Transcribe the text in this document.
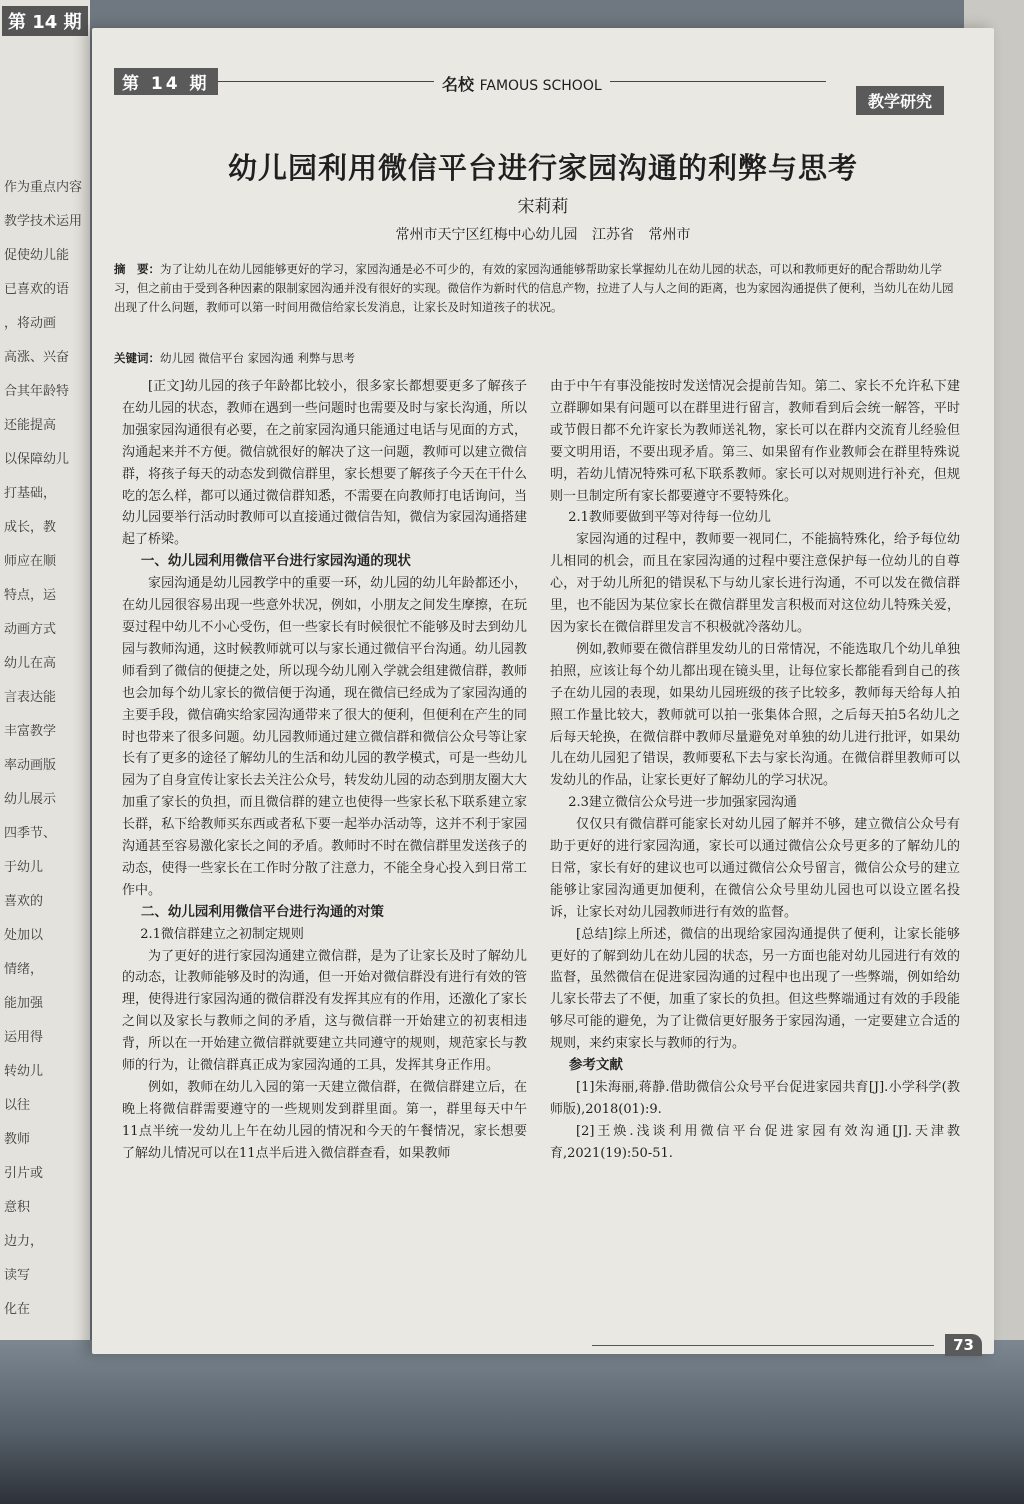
第 14 期
作为重点内容
教学技术运用
促使幼儿能
已喜欢的语
，将动画
高涨、兴奋
合其年龄特
还能提高
以保障幼儿
打基础，
成长，教
师应在顺
特点，运
动画方式
幼儿在高
言表达能
丰富教学
率动画版
幼儿展示
四季节、
于幼儿
喜欢的
处加以
情绪，
能加强
运用得
转幼儿
以往
教师
引片或
意积
边力，
读写
化在
第 14 期	名校 FAMOUS SCHOOL
教学研究
幼儿园利用微信平台进行家园沟通的利弊与思考
宋莉莉
常州市天宁区红梅中心幼儿园 江苏省 常州市
摘　要：为了让幼儿在幼儿园能够更好的学习，家园沟通是必不可少的，有效的家园沟通能够帮助家长掌握幼儿在幼儿园的状态，可以和教师更好的配合帮助幼儿学习，但之前由于受到各种因素的限制家园沟通并没有很好的实现。微信作为新时代的信息产物，拉进了人与人之间的距离，也为家园沟通提供了便利，当幼儿在幼儿园出现了什么问题，教师可以第一时间用微信给家长发消息，让家长及时知道孩子的状况。
关键词：幼儿园 微信平台 家园沟通 利弊与思考

[正文]幼儿园的孩子年龄都比较小，很多家长都想要更多了解孩子在幼儿园的状态，教师在遇到一些问题时也需要及时与家长沟通，所以加强家园沟通很有必要，在之前家园沟通只能通过电话与见面的方式，沟通起来并不方便。微信就很好的解决了这一问题，教师可以建立微信群，将孩子每天的动态发到微信群里，家长想要了解孩子今天在干什么吃的怎么样，都可以通过微信群知悉，不需要在向教师打电话询问，当幼儿园要举行活动时教师可以直接通过微信告知，微信为家园沟通搭建起了桥梁。

一、幼儿园利用微信平台进行家园沟通的现状

家园沟通是幼儿园教学中的重要一环，幼儿园的幼儿年龄都还小，在幼儿园很容易出现一些意外状况，例如，小朋友之间发生摩擦，在玩耍过程中幼儿不小心受伤，但一些家长有时候很忙不能够及时去到幼儿园与教师沟通，这时候教师就可以与家长通过微信平台沟通。幼儿园教师看到了微信的便捷之处，所以现今幼儿刚入学就会组建微信群，教师也会加每个幼儿家长的微信便于沟通，现在微信已经成为了家园沟通的主要手段，微信确实给家园沟通带来了很大的便利，但便利在产生的同时也带来了很多问题。幼儿园教师通过建立微信群和微信公众号等让家长有了更多的途径了解幼儿的生活和幼儿园的教学模式，可是一些幼儿园为了自身宣传让家长去关注公众号，转发幼儿园的动态到朋友圈大大加重了家长的负担，而且微信群的建立也使得一些家长私下联系建立家长群，私下给教师买东西或者私下要一起举办活动等，这并不利于家园沟通甚至容易激化家长之间的矛盾。教师时不时在微信群里发送孩子的动态，使得一些家长在工作时分散了注意力，不能全身心投入到日常工作中。

二、幼儿园利用微信平台进行沟通的对策
2.1微信群建立之初制定规则

为了更好的进行家园沟通建立微信群，是为了让家长及时了解幼儿的动态，让教师能够及时的沟通，但一开始对微信群没有进行有效的管理，使得进行家园沟通的微信群没有发挥其应有的作用，还激化了家长之间以及家长与教师之间的矛盾，这与微信群一开始建立的初衷相违背，所以在一开始建立微信群就要建立共同遵守的规则，规范家长与教师的行为，让微信群真正成为家园沟通的工具，发挥其身正作用。

例如，教师在幼儿入园的第一天建立微信群，在微信群建立后，在晚上将微信群需要遵守的一些规则发到群里面。第一，群里每天中午11点半统一发幼儿上午在幼儿园的情况和今天的午餐情况，家长想要了解幼儿情况可以在11点半后进入微信群查看，如果教师

由于中午有事没能按时发送情况会提前告知。第二、家长不允许私下建立群聊如果有问题可以在群里进行留言，教师看到后会统一解答，平时或节假日都不允许家长为教师送礼物，家长可以在群内交流育儿经验但要文明用语，不要出现矛盾。第三、如果留有作业教师会在群里特殊说明，若幼儿情况特殊可私下联系教师。家长可以对规则进行补充，但规则一旦制定所有家长都要遵守不要特殊化。

2.1教师要做到平等对待每一位幼儿

家园沟通的过程中，教师要一视同仁，不能搞特殊化，给予每位幼儿相同的机会，而且在家园沟通的过程中要注意保护每一位幼儿的自尊心，对于幼儿所犯的错误私下与幼儿家长进行沟通，不可以发在微信群里，也不能因为某位家长在微信群里发言积极而对这位幼儿特殊关爱，因为家长在微信群里发言不积极就冷落幼儿。

例如,教师要在微信群里发幼儿的日常情况，不能选取几个幼儿单独拍照，应该让每个幼儿都出现在镜头里，让每位家长都能看到自己的孩子在幼儿园的表现，如果幼儿园班级的孩子比较多，教师每天给每人拍照工作量比较大，教师就可以拍一张集体合照，之后每天拍5名幼儿之后每天轮换，在微信群中教师尽量避免对单独的幼儿进行批评，如果幼儿在幼儿园犯了错误，教师要私下去与家长沟通。在微信群里教师可以发幼儿的作品，让家长更好了解幼儿的学习状况。

2.3建立微信公众号进一步加强家园沟通

仅仅只有微信群可能家长对幼儿园了解并不够，建立微信公众号有助于更好的进行家园沟通，家长可以通过微信公众号更多的了解幼儿的日常，家长有好的建议也可以通过微信公众号留言，微信公众号的建立能够让家园沟通更加便利，在微信公众号里幼儿园也可以设立匿名投诉，让家长对幼儿园教师进行有效的监督。

[总结]综上所述，微信的出现给家园沟通提供了便利，让家长能够更好的了解到幼儿在幼儿园的状态，另一方面也能对幼儿园进行有效的监督，虽然微信在促进家园沟通的过程中也出现了一些弊端，例如给幼儿家长带去了不便，加重了家长的负担。但这些弊端通过有效的手段能够尽可能的避免，为了让微信更好服务于家园沟通，一定要建立合适的规则，来约束家长与教师的行为。

参考文献

[1]朱海丽,蒋静.借助微信公众号平台促进家园共育[J].小学科学(教师版),2018(01):9.

[2]王焕.浅谈利用微信平台促进家园有效沟通[J].天津教育,2021(19):50-51.

73
